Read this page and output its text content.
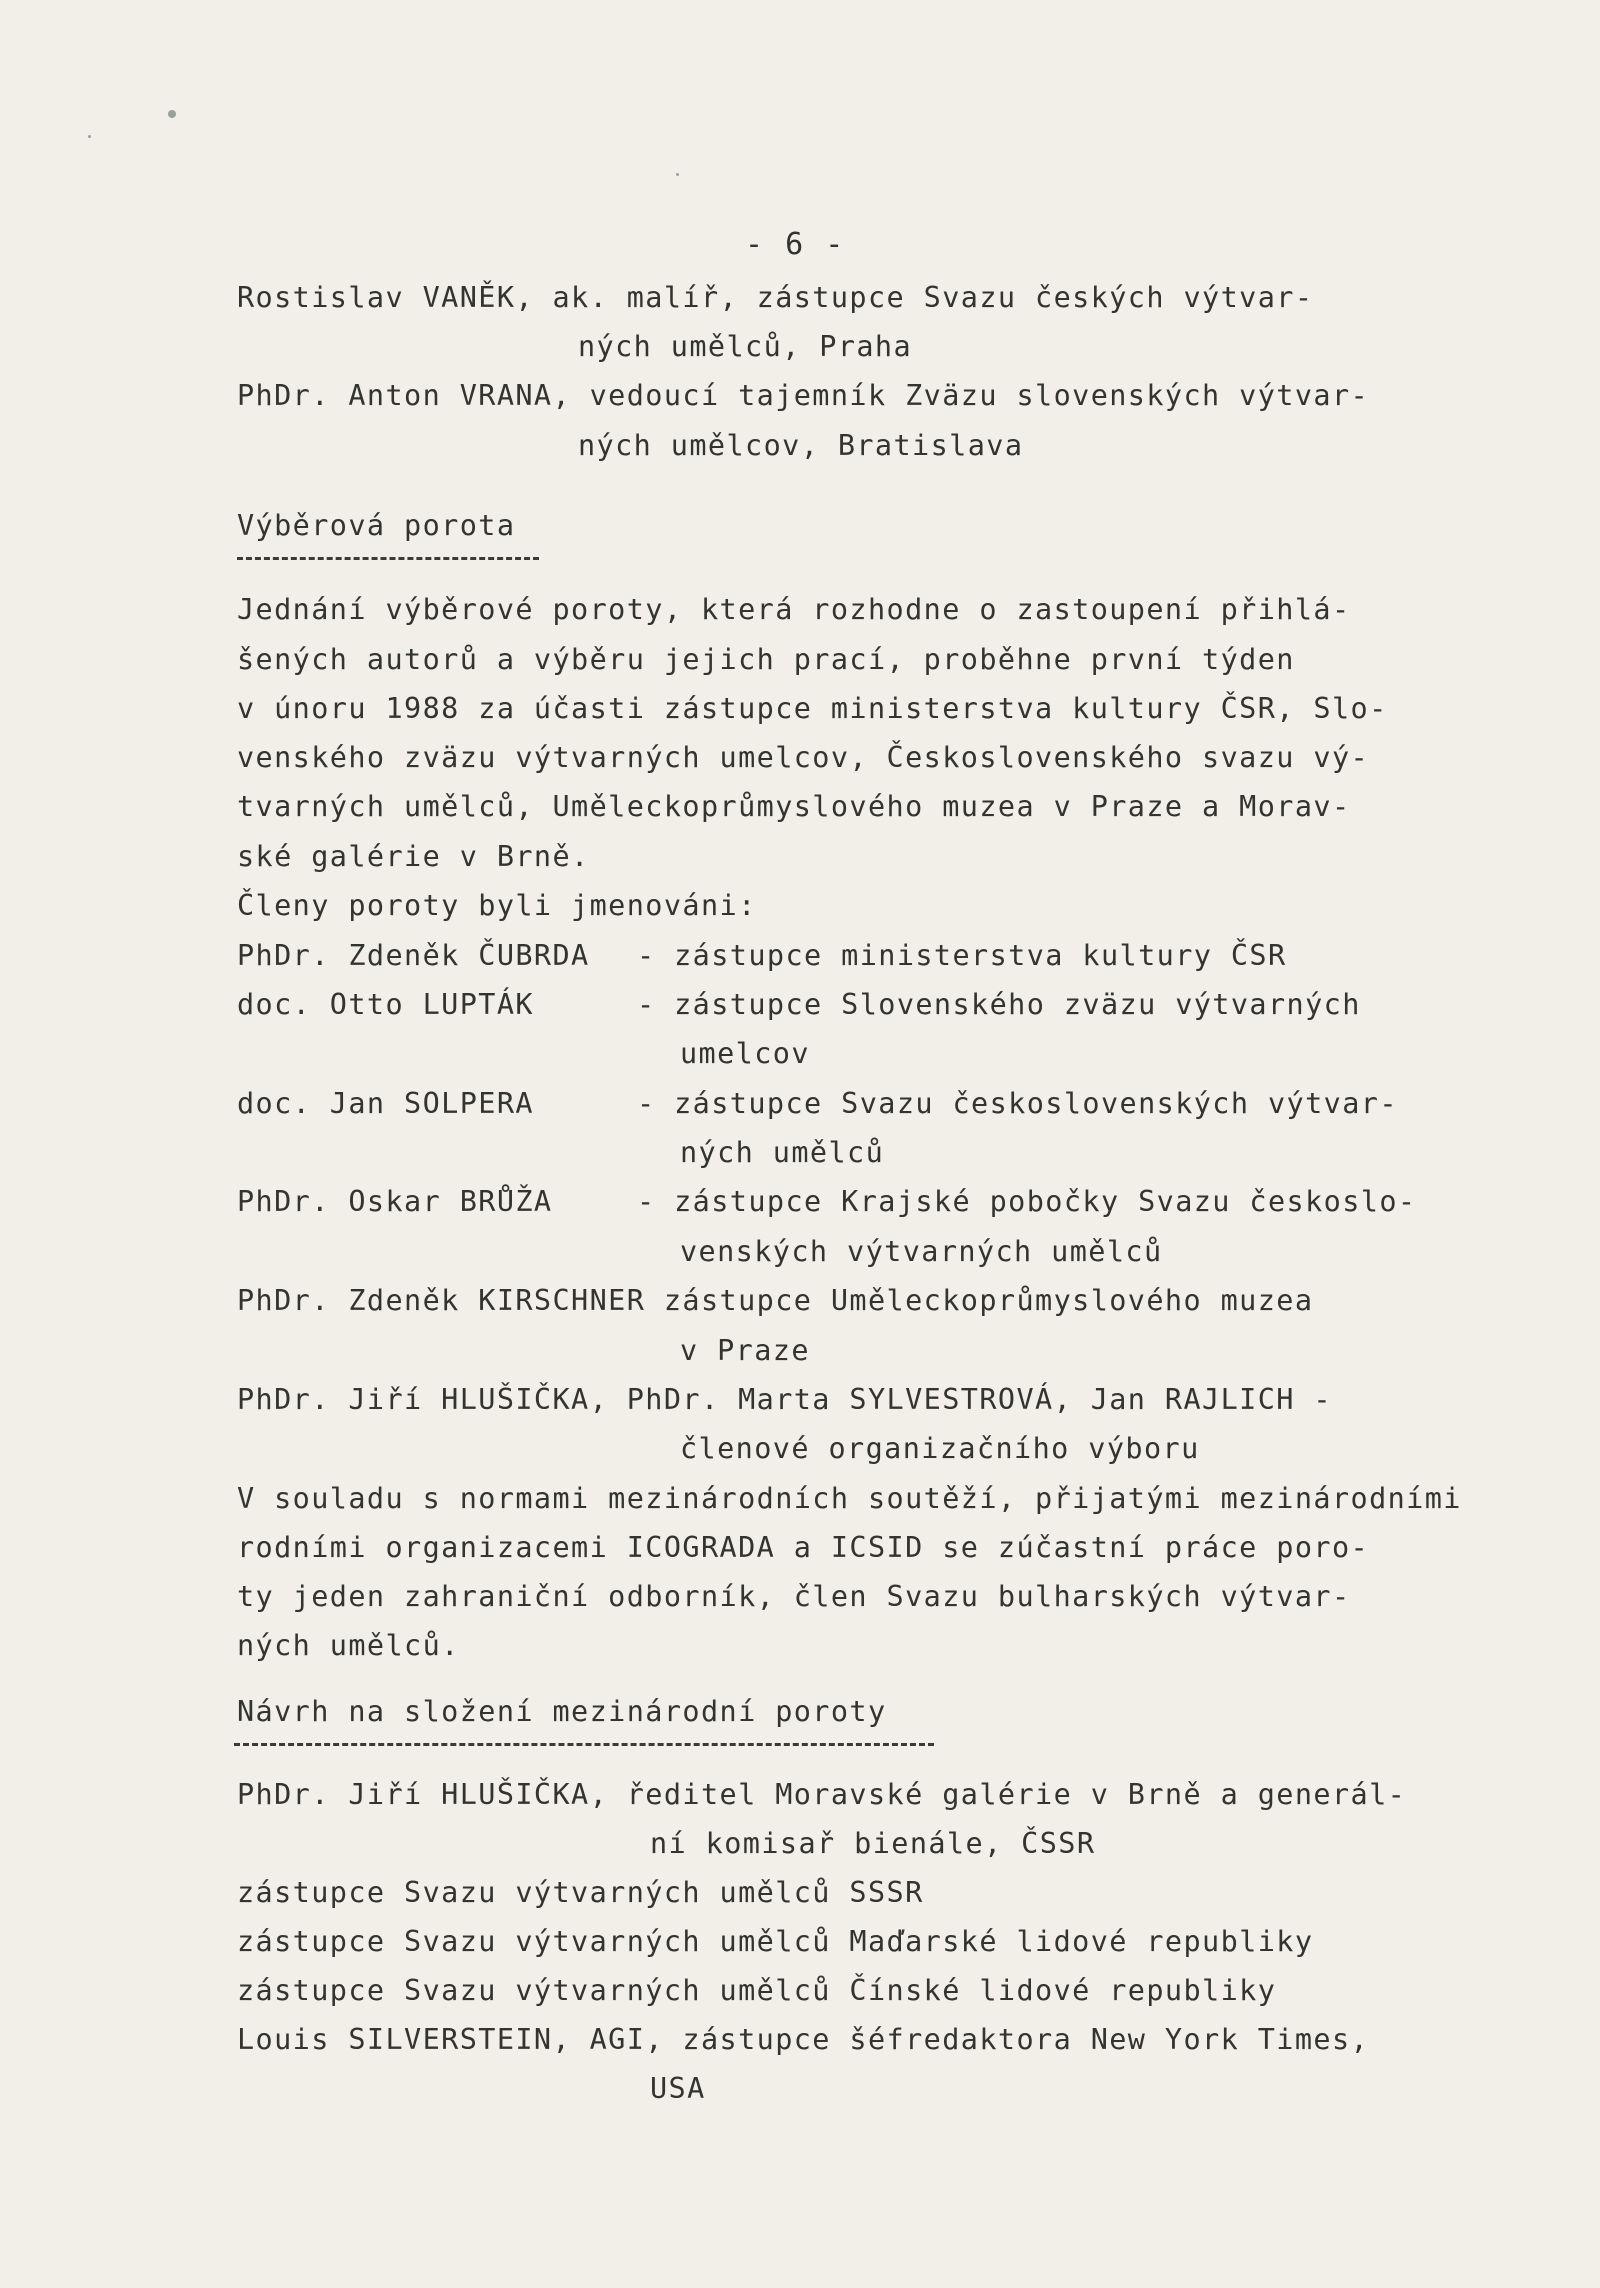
- 6 -
Rostislav VANĚK, ak. malíř, zástupce Svazu českých výtvar-
ných umělců, Praha
PhDr. Anton VRANA, vedoucí tajemník Zväzu slovenských výtvar-
ných umělcov, Bratislava
Výběrová porota
Jednání výběrové poroty, která rozhodne o zastoupení přihlá-
šených autorů a výběru jejich prací, proběhne první týden
v únoru 1988 za účasti zástupce ministerstva kultury ČSR, Slo-
venského zväzu výtvarných umelcov, Československého svazu vý-
tvarných umělců, Uměleckoprůmyslového muzea v Praze a Morav-
ské galérie v Brně.
Členy poroty byli jmenováni:
PhDr. Zdeněk ČUBRDA - zástupce ministerstva kultury ČSR
doc. Otto LUPTÁK	- zástupce Slovenského zväzu výtvarných
umelcov
doc. Jan SOLPERA	- zástupce Svazu československých výtvar-
ných umělců
PhDr. Oskar BRŮŽA	- zástupce Krajské pobočky Svazu českoslo-
venských výtvarných umělců
PhDr. Zdeněk KIRSCHNER zástupce Uměleckoprůmyslového muzea
v Praze
PhDr. Jiří HLUŠIČKA, PhDr. Marta SYLVESTROVÁ, Jan RAJLICH -
členové organizačního výboru
V souladu s normami mezinárodních soutěží, přijatými mezinárodními
rodními organizacemi ICOGRADA a ICSID se zúčastní práce poro-
ty jeden zahraniční odborník, člen Svazu bulharských výtvar-
ných umělců.
Návrh na složení mezinárodní poroty
PhDr. Jiří HLUŠIČKA, ředitel Moravské galérie v Brně a generál-
ní komisař bienále, ČSSR
zástupce Svazu výtvarných umělců SSSR
zástupce Svazu výtvarných umělců Maďarské lidové republiky
zástupce Svazu výtvarných umělců Čínské lidové republiky
Louis SILVERSTEIN, AGI, zástupce šéfredaktora New York Times,
USA
